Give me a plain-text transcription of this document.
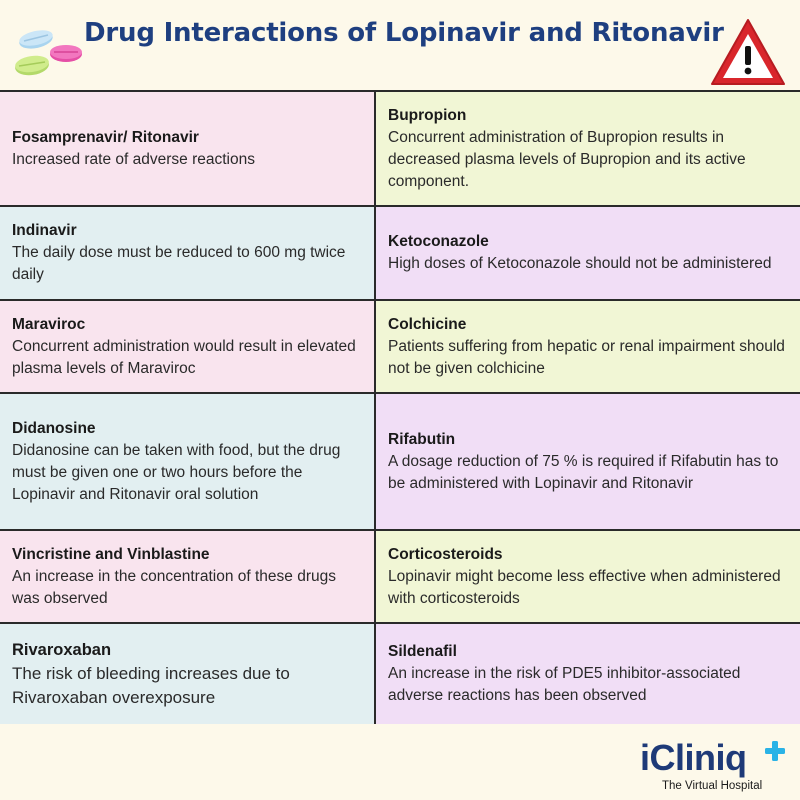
Drug Interactions of Lopinavir and Ritonavir
Fosamprenavir/ Ritonavir
Increased rate of adverse reactions
Bupropion
Concurrent administration of Bupropion results in decreased plasma levels of Bupropion and its active component.
Indinavir
The daily dose must be reduced to 600 mg twice daily
Ketoconazole
High doses of Ketoconazole should not be administered
Maraviroc
Concurrent administration would result in elevated plasma levels of Maraviroc
Colchicine
Patients suffering from hepatic or renal impairment should not be given colchicine
Didanosine
Didanosine can be taken with food, but the drug must be given one or two hours before the Lopinavir and Ritonavir oral solution
Rifabutin
A dosage reduction of 75 % is required if Rifabutin has to be administered with Lopinavir and Ritonavir
Vincristine and Vinblastine
An increase in the concentration of these drugs was observed
Corticosteroids
Lopinavir might become less effective when administered with corticosteroids
Rivaroxaban
The risk of bleeding increases due to Rivaroxaban overexposure
Sildenafil
An increase in the risk of PDE5 inhibitor-associated adverse reactions has been observed
iCliniq
The Virtual Hospital
